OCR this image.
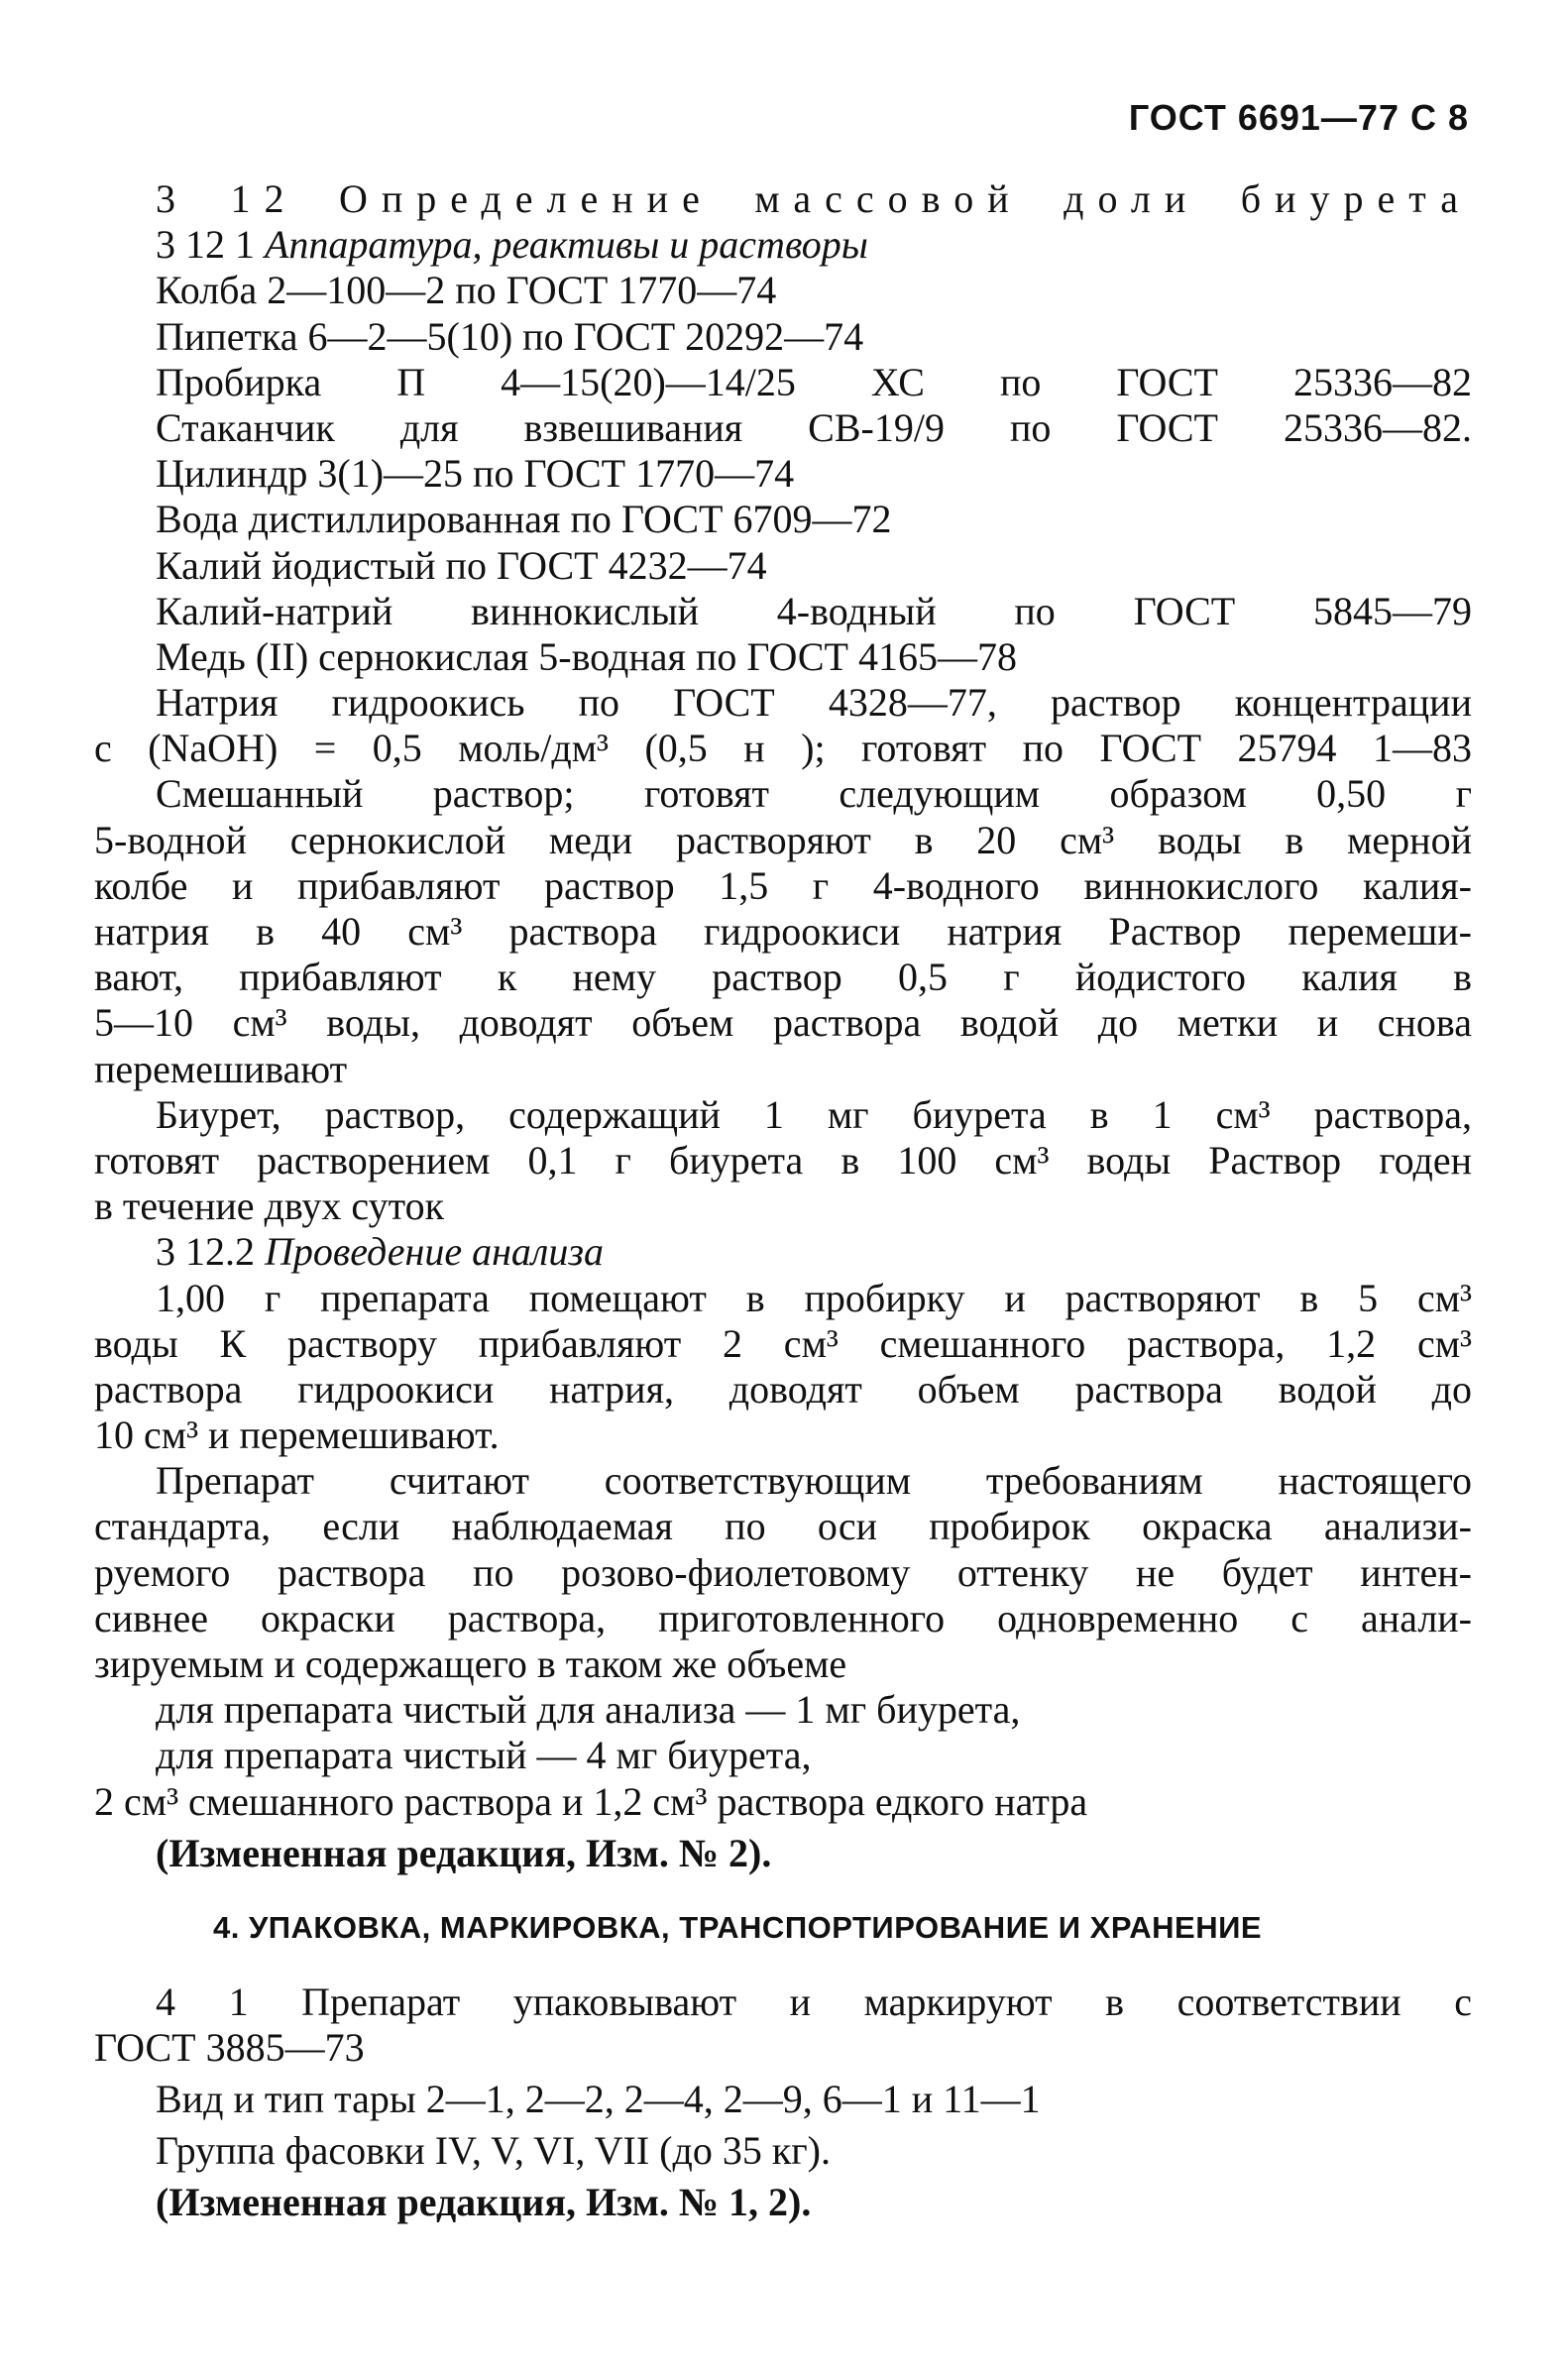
ГОСТ 6691—77 С 8

3 12 Определение массовой доли биурета

3 12 1 Аппаратура, реактивы и растворы

Колба 2—100—2 по ГОСТ 1770—74

Пипетка 6—2—5(10) по ГОСТ 20292—74

Пробирка П 4—15(20)—14/25 ХС по ГОСТ 25336—82

Стаканчик для взвешивания СВ-19/9 по ГОСТ 25336—82.

Цилиндр 3(1)—25 по ГОСТ 1770—74

Вода дистиллированная по ГОСТ 6709—72

Калий йодистый по ГОСТ 4232—74

Калий-натрий виннокислый 4-водный по ГОСТ 5845—79

Медь (II) сернокислая 5-водная по ГОСТ 4165—78

Натрия гидроокись по ГОСТ 4328—77, раствор концентрации

с (NaOH) = 0,5 моль/дм³ (0,5 н ); готовят по ГОСТ 25794 1—83

Смешанный раствор; готовят следующим образом 0,50 г

5-водной сернокислой меди растворяют в 20 см³ воды в мерной

колбе и прибавляют раствор 1,5 г 4-водного виннокислого калия-

натрия в 40 см³ раствора гидроокиси натрия Раствор перемеши-

вают, прибавляют к нему раствор 0,5 г йодистого калия в

5—10 см³ воды, доводят объем раствора водой до метки и снова

перемешивают

Биурет, раствор, содержащий 1 мг биурета в 1 см³ раствора,

готовят растворением 0,1 г биурета в 100 см³ воды Раствор годен

в течение двух суток

3 12.2 Проведение анализа

1,00 г препарата помещают в пробирку и растворяют в 5 см³

воды К раствору прибавляют 2 см³ смешанного раствора, 1,2 см³

раствора гидроокиси натрия, доводят объем раствора водой до

10 см³ и перемешивают.

Препарат считают соответствующим требованиям настоящего

стандарта, если наблюдаемая по оси пробирок окраска анализи-

руемого раствора по розово-фиолетовому оттенку не будет интен-

сивнее окраски раствора, приготовленного одновременно с анали-

зируемым и содержащего в таком же объеме

для препарата чистый для анализа — 1 мг биурета,

для препарата чистый — 4 мг биурета,

2 см³ смешанного раствора и 1,2 см³ раствора едкого натра

(Измененная редакция, Изм. № 2).

4. УПАКОВКА, МАРКИРОВКА, ТРАНСПОРТИРОВАНИЕ И ХРАНЕНИЕ

4 1 Препарат упаковывают и маркируют в соответствии с

ГОСТ 3885—73

Вид и тип тары 2—1, 2—2, 2—4, 2—9, 6—1 и 11—1

Группа фасовки IV, V, VI, VII (до 35 кг).

(Измененная редакция, Изм. № 1, 2).
